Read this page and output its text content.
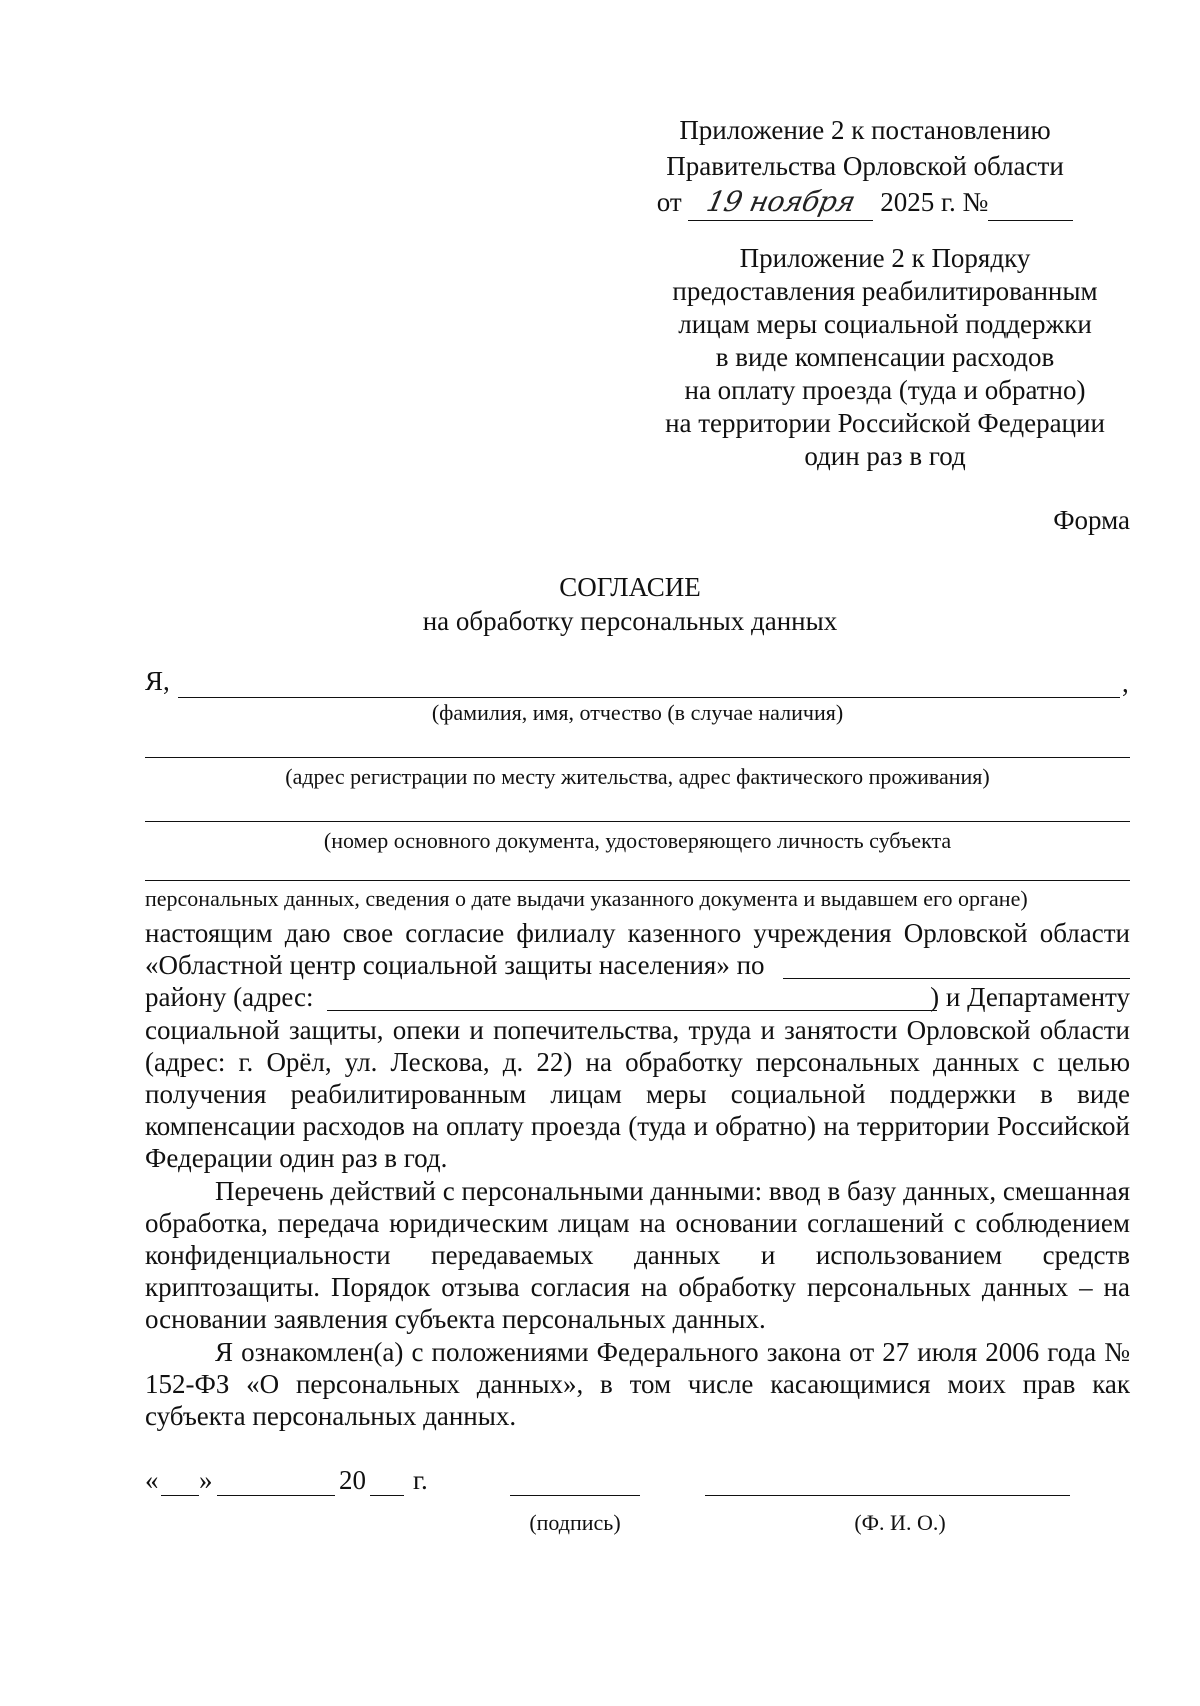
Приложение 2 к постановлению
Правительства Орловской области
от 19 ноября 2025 г. №
Приложение 2 к Порядку
предоставления реабилитированным
лицам меры социальной поддержки
в виде компенсации расходов
на оплату проезда (туда и обратно)
на территории Российской Федерации
один раз в год
Форма
СОГЛАСИЕ
на обработку персональных данных
Я,	,
(фамилия, имя, отчество (в случае наличия)
(адрес регистрации по месту жительства, адрес фактического проживания)
(номер основного документа, удостоверяющего личность субъекта
персональных данных, сведения о дате выдачи указанного документа и выдавшем его органе)
настоящим даю свое согласие филиалу казенного учреждения Орловской области
«Областной центр социальной защиты населения» по
району (адрес:	) и Департаменту
социальной защиты, опеки и попечительства, труда и занятости Орловской области (адрес: г. Орёл, ул. Лескова, д. 22) на обработку персональных данных с целью получения реабилитированным лицам меры социальной поддержки в виде компенсации расходов на оплату проезда (туда и обратно) на территории Российской Федерации один раз в год.
Перечень действий с персональными данными: ввод в базу данных, смешанная обработка, передача юридическим лицам на основании соглашений с соблюдением конфиденциальности передаваемых данных и использованием средств криптозащиты. Порядок отзыва согласия на обработку персональных данных – на основании заявления субъекта персональных данных.
Я ознакомлен(а) с положениями Федерального закона от 27 июля 2006 года № 152-ФЗ «О персональных данных», в том числе касающимися моих прав как субъекта персональных данных.
« »	20 г.
(подпись)	(Ф. И. О.)
